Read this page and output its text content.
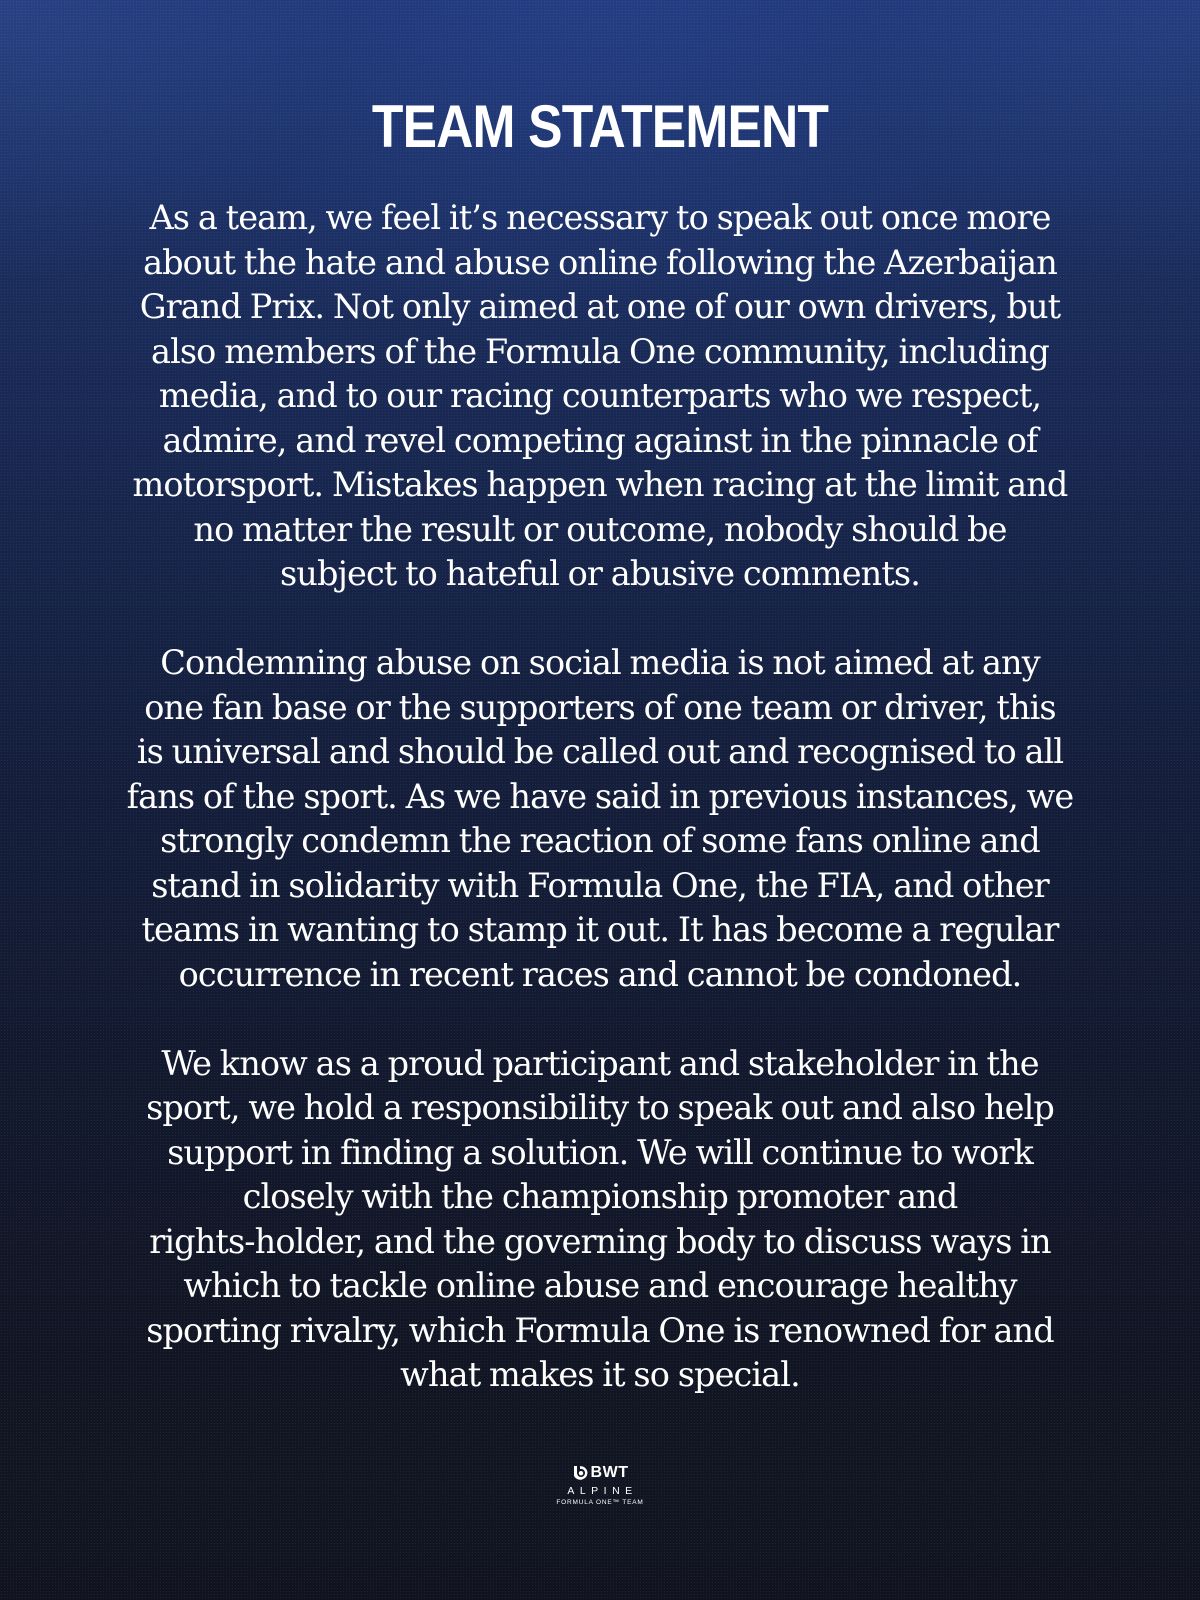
TEAM STATEMENT

As a team, we feel it’s necessary to speak out once more
about the hate and abuse online following the Azerbaijan
Grand Prix. Not only aimed at one of our own drivers, but
also members of the Formula One community, including
media, and to our racing counterparts who we respect,
admire, and revel competing against in the pinnacle of
motorsport. Mistakes happen when racing at the limit and
no matter the result or outcome, nobody should be
subject to hateful or abusive comments.

Condemning abuse on social media is not aimed at any
one fan base or the supporters of one team or driver, this
is universal and should be called out and recognised to all
fans of the sport. As we have said in previous instances, we
strongly condemn the reaction of some fans online and
stand in solidarity with Formula One, the FIA, and other
teams in wanting to stamp it out. It has become a regular
occurrence in recent races and cannot be condoned.

We know as a proud participant and stakeholder in the
sport, we hold a responsibility to speak out and also help
support in finding a solution. We will continue to work
closely with the championship promoter and
rights-holder, and the governing body to discuss ways in
which to tackle online abuse and encourage healthy
sporting rivalry, which Formula One is renowned for and
what makes it so special.

BWT
ALPINE
FORMULA ONE™ TEAM
